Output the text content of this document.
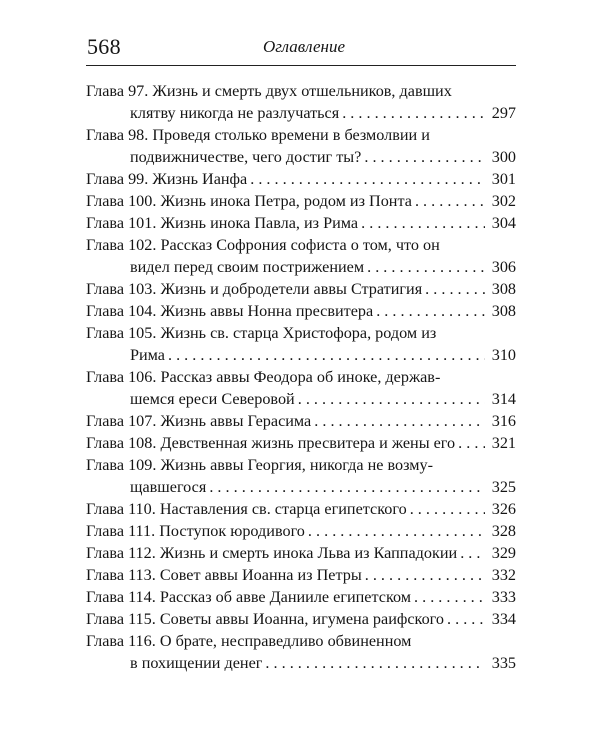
568	Оглавление
Глава 97. Жизнь и смерть двух отшельников, давших
клятву никогда не разлучаться . . .	297
Глава 98. Проведя столько времени в безмолвии и
подвижничестве, чего достиг ты? . . .	300
Глава 99. Жизнь Ианфа . . .	301
Глава 100. Жизнь инока Петра, родом из Понта . . .	302
Глава 101. Жизнь инока Павла, из Рима . . .	304
Глава 102. Рассказ Софрония софиста о том, что он
видел перед своим пострижением . . .	306
Глава 103. Жизнь и добродетели аввы Стратигия . . .	308
Глава 104. Жизнь аввы Нонна пресвитера . . .	308
Глава 105. Жизнь св. старца Христофора, родом из
Рима . . .	310
Глава 106. Рассказ аввы Феодора об иноке, держав-
шемся ереси Северовой . . .	314
Глава 107. Жизнь аввы Герасима . . .	316
Глава 108. Девственная жизнь пресвитера и жены его . . . 321
Глава 109. Жизнь аввы Георгия, никогда не возму-
щавшегося . . .	325
Глава 110. Наставления св. старца египетского . . .	326
Глава 111. Поступок юродивого . . .	328
Глава 112. Жизнь и смерть инока Льва из Каппадокии . . . 329
Глава 113. Совет аввы Иоанна из Петры . . .	332
Глава 114. Рассказ об авве Даниилe египетском . . .	333
Глава 115. Советы аввы Иоанна, игумена раифского . . .	334
Глава 116. О брате, несправедливо обвиненном
в похищении денег . . .	335
